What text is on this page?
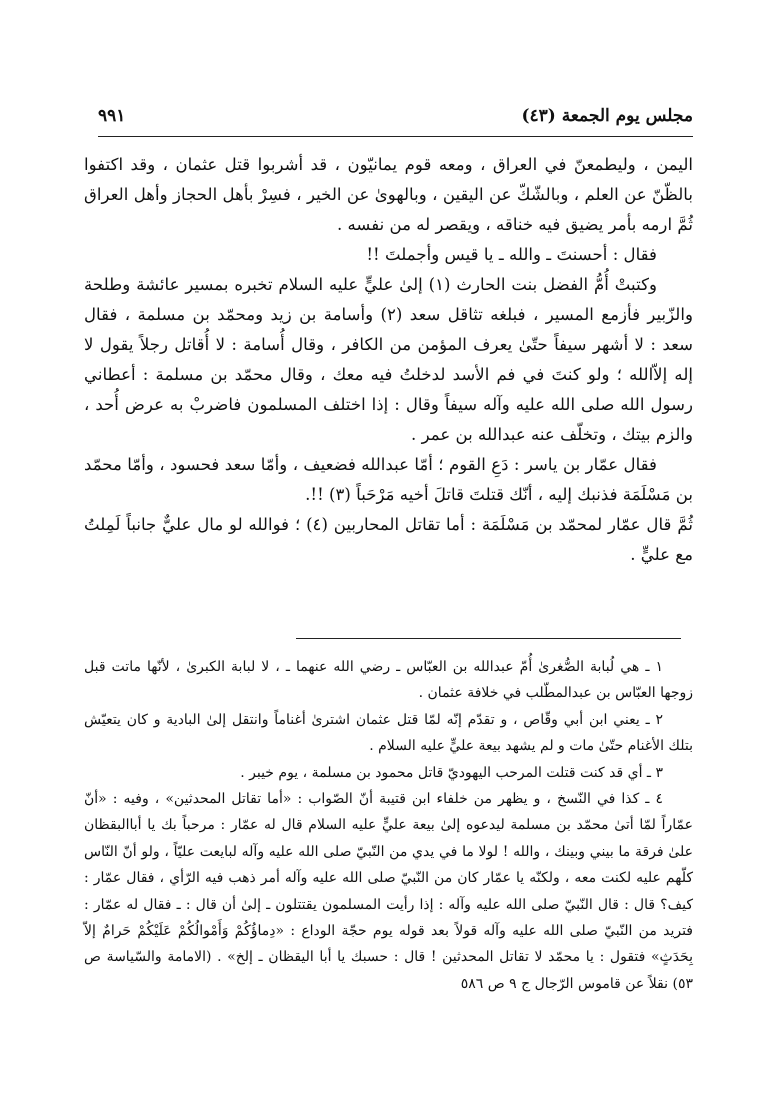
مجلس يوم الجمعة (٤٣)
٩٩١

اليمن ، وليطمعنّ في العراق ، ومعه قوم يمانيّون ، قد أشربوا قتل عثمان ، وقد اكتفوا بالظّنّ عن العلم ، وبالشّكّ عن اليقين ، وبالهوىٰ عن الخير ، فسِرْ بأهل الحجاز وأهل العراق ثُمَّ ارمه بأمر يضيق فيه خناقه ، ويقصر له من نفسه .

فقال : أحسنتَ ـ والله ـ يا قيس وأجملتَ !!

وكتبتْ أُمُّ الفضل بنت الحارث (١) إلىٰ عليٍّ عليه السلام تخبره بمسير عائشة وطلحة والزّبير فأزمع المسير ، فبلغه تثاقل سعد (٢) وأسامة بن زيد ومحمّد بن مسلمة ، فقال سعد : لا أشهر سيفاً حتّىٰ يعرف المؤمن من الكافر ، وقال أُسامة : لا أُقاتل رجلاً يقول لا إله إلاّالله ؛ ولو كنتَ في فم الأسد لدخلتُ فيه معك ، وقال محمّد بن مسلمة : أعطاني رسول الله صلى الله عليه وآله سيفاً وقال : إذا اختلف المسلمون فاضربْ به عرض أُحد ، والزم بيتك ، وتخلّف عنه عبدالله بن عمر .

فقال عمّار بن ياسر : دَعِ القوم ؛ أمّا عبدالله فضعيف ، وأمّا سعد فحسود ، وأمّا محمّد بن مَسْلَمَة فذنبك إليه ، أنّك قتلتَ قاتلَ أخيه مَرْحَباً (٣) !!.

ثُمَّ قال عمّار لمحمّد بن مَسْلَمَة : أما تقاتل المحاربين (٤) ؛ فوالله لو مال عليٌّ جانباً لَمِلتُ مع عليٍّ .

١ ـ هي لُبابة الصُّغرىٰ أُمّ عبدالله بن العبّاس ـ رضي الله عنهما ـ ، لا لبابة الكبرىٰ ، لأنّها ماتت قبل زوجها العبّاس بن عبدالمطّلب في خلافة عثمان .

٢ ـ يعني ابن أبي وقّاص ، و تقدّم إنّه لمّا قتل عثمان اشترىٰ أغناماً وانتقل إلىٰ البادية و كان يتعيّش بتلك الأغنام حتّىٰ مات و لم يشهد بيعة عليٍّ عليه السلام .

٣ ـ أي قد كنت قتلت المرحب اليهوديّ قاتل محمود بن مسلمة ، يوم خيبر .

٤ ـ كذا في النّسخ ، و يظهر من خلفاء ابن قتيبة أنّ الصّواب : «أما تقاتل المحدثين» ، وفيه : «أنّ عمّاراً لمّا أتىٰ محمّد بن مسلمة ليدعوه إلىٰ بيعة عليٍّ عليه السلام قال له عمّار : مرحباً بك يا أباالبقظان علىٰ فرقة ما بيني وبينك ، والله ! لولا ما في يدي من النّبيّ صلى الله عليه وآله لبايعت عليّاً ، ولو أنّ النّاس كلّهم عليه لكنت معه ، ولكنّه يا عمّار كان من النّبيّ صلى الله عليه وآله أمر ذهب فيه الرّأي ، فقال عمّار : كيف؟ قال : قال النّبيّ صلى الله عليه وآله : إذا رأيت المسلمون يقتتلون ـ إلىٰ أن قال : ـ فقال له عمّار : فتريد من النّبيّ صلى الله عليه وآله قولاً بعد قوله يوم حجّة الوداع : «دِماؤُكُمْ وَأَمْوالُكُمْ عَلَيْكُمْ حَرامٌ إلاّ بِحَدَثٍ» فتقول : يا محمّد لا تقاتل المحدثين ! قال : حسبك يا أبا اليقظان ـ إلخ» . (الامامة والسّياسة ص ٥٣) نقلاً عن قاموس الرّجال ج ٩ ص ٥٨٦
